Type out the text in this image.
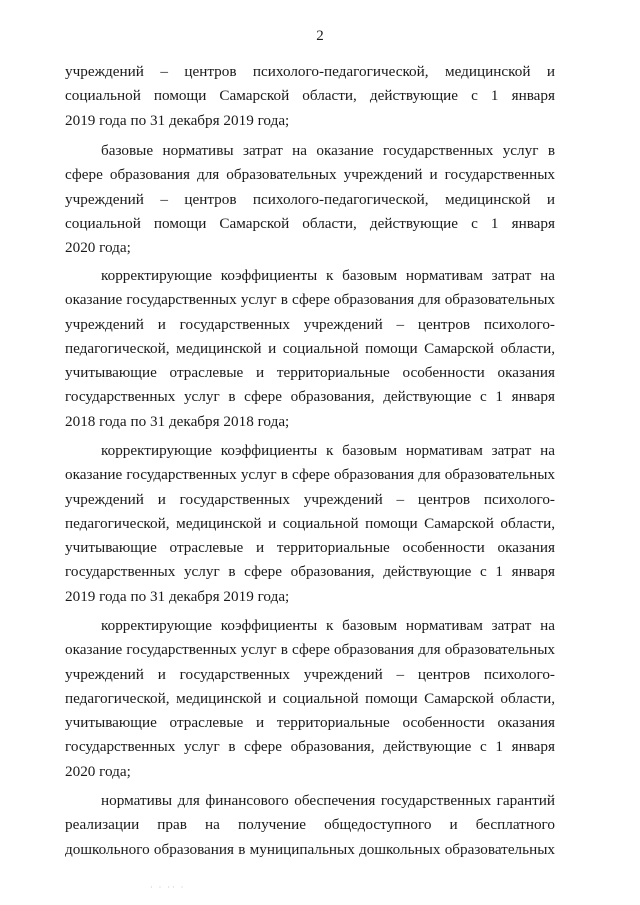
2
учреждений – центров психолого-педагогической, медицинской и
социальной помощи Самарской области, действующие с 1 января
2019 года по 31 декабря 2019 года;
базовые нормативы затрат на оказание государственных услуг в
сфере образования для образовательных учреждений и государственных
учреждений – центров психолого-педагогической, медицинской и
социальной помощи Самарской области, действующие с 1 января
2020 года;
корректирующие коэффициенты к базовым нормативам затрат на
оказание государственных услуг в сфере образования для образовательных
учреждений и государственных учреждений – центров психолого-
педагогической, медицинской и социальной помощи Самарской области,
учитывающие отраслевые и территориальные особенности оказания
государственных услуг в сфере образования, действующие с 1 января
2018 года по 31 декабря 2018 года;
корректирующие коэффициенты к базовым нормативам затрат на
оказание государственных услуг в сфере образования для образовательных
учреждений и государственных учреждений – центров психолого-
педагогической, медицинской и социальной помощи Самарской области,
учитывающие отраслевые и территориальные особенности оказания
государственных услуг в сфере образования, действующие с 1 января
2019 года по 31 декабря 2019 года;
корректирующие коэффициенты к базовым нормативам затрат на
оказание государственных услуг в сфере образования для образовательных
учреждений и государственных учреждений – центров психолого-
педагогической, медицинской и социальной помощи Самарской области,
учитывающие отраслевые и территориальные особенности оказания
государственных услуг в сфере образования, действующие с 1 января
2020 года;
нормативы для финансового обеспечения государственных гарантий
реализации прав на получение общедоступного и бесплатного
дошкольного образования в муниципальных дошкольных образовательных
· · ·· ·
